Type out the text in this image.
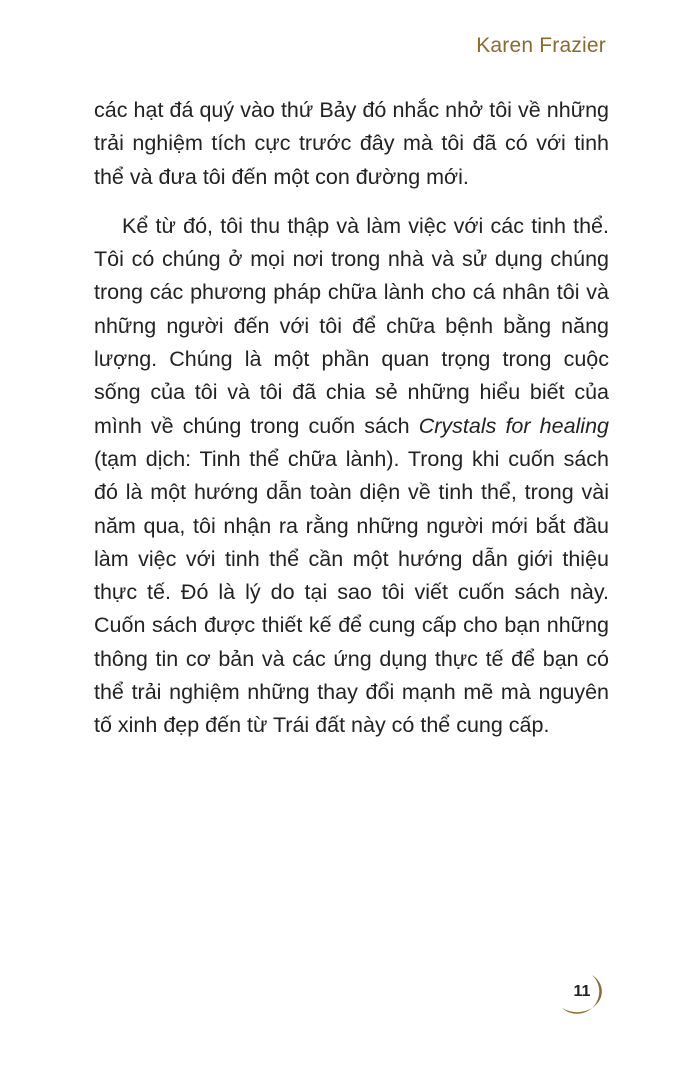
Karen Frazier

các hạt đá quý vào thứ Bảy đó nhắc nhở tôi về những trải nghiệm tích cực trước đây mà tôi đã có với tinh thể và đưa tôi đến một con đường mới.

Kể từ đó, tôi thu thập và làm việc với các tinh thể. Tôi có chúng ở mọi nơi trong nhà và sử dụng chúng trong các phương pháp chữa lành cho cá nhân tôi và những người đến với tôi để chữa bệnh bằng năng lượng. Chúng là một phần quan trọng trong cuộc sống của tôi và tôi đã chia sẻ những hiểu biết của mình về chúng trong cuốn sách Crystals for healing (tạm dịch: Tinh thể chữa lành). Trong khi cuốn sách đó là một hướng dẫn toàn diện về tinh thể, trong vài năm qua, tôi nhận ra rằng những người mới bắt đầu làm việc với tinh thể cần một hướng dẫn giới thiệu thực tế. Đó là lý do tại sao tôi viết cuốn sách này. Cuốn sách được thiết kế để cung cấp cho bạn những thông tin cơ bản và các ứng dụng thực tế để bạn có thể trải nghiệm những thay đổi mạnh mẽ mà nguyên tố xinh đẹp đến từ Trái đất này có thể cung cấp.

11
